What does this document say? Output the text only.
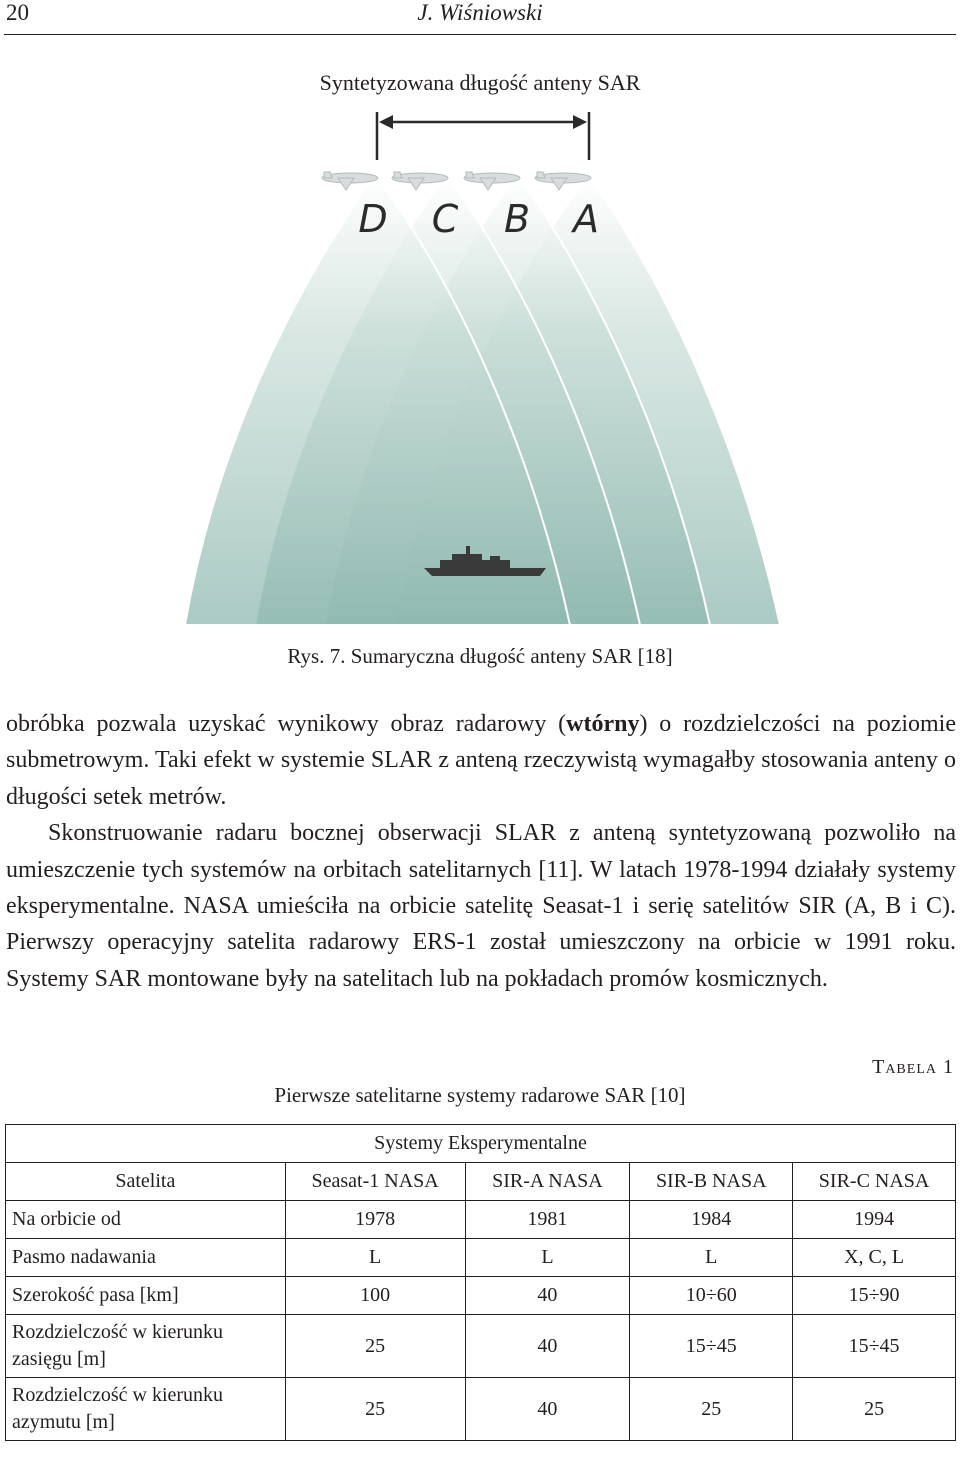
20	J. Wiśniowski
Syntetyzowana długość anteny SAR
D C B A
Rys. 7. Sumaryczna długość anteny SAR [18]

obróbka pozwala uzyskać wynikowy obraz radarowy (wtórny) o rozdzielczości na poziomie submetrowym. Taki efekt w systemie SLAR z anteną rzeczywistą wymagałby stosowania anteny o długości setek metrów.

Skonstruowanie radaru bocznej obserwacji SLAR z anteną syntetyzowaną pozwoliło na umieszczenie tych systemów na orbitach satelitarnych [11]. W latach 1978-1994 działały systemy eksperymentalne. NASA umieściła na orbicie satelitę Seasat-1 i serię satelitów SIR (A, B i C). Pierwszy operacyjny satelita radarowy ERS-1 został umieszczony na orbicie w 1991 roku. Systemy SAR montowane były na satelitach lub na pokładach promów kosmicznych.

Tabela 1
Pierwsze satelitarne systemy radarowe SAR [10]
Systemy Eksperymentalne				
Satelita	Seasat-1 NASA	SIR-A NASA	SIR-B NASA	SIR-C NASA
Na orbicie od	1978	1981	1984	1994
Pasmo nadawania	L	L	L	X, C, L
Szerokość pasa [km]	100	40	10÷60	15÷90
Rozdzielczość w kierunku zasięgu [m]	25	40	15÷45	15÷45
Rozdzielczość w kierunku azymutu [m]	25	40	25	25
